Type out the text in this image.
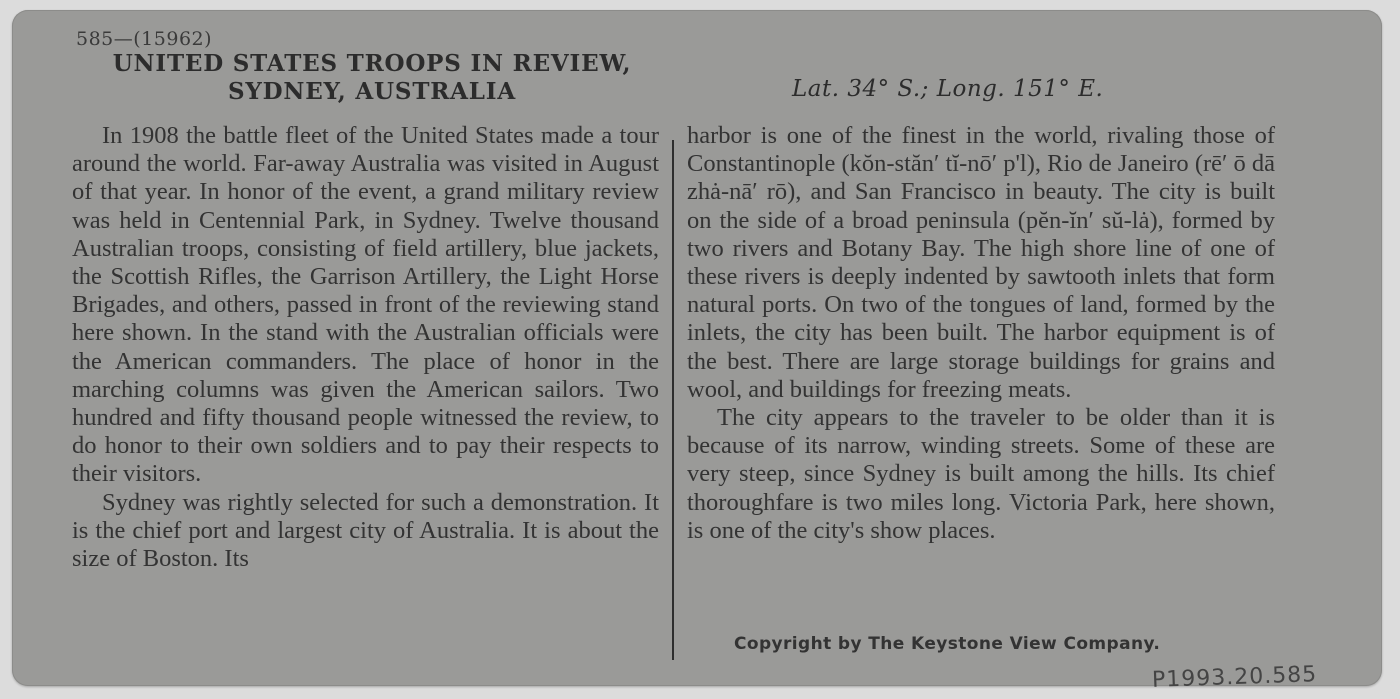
585—(15962)
UNITED STATES TROOPS IN REVIEW,
SYDNEY, AUSTRALIA	Lat. 34° S.; Long. 151° E.

In 1908 the battle fleet of the United States made a tour around the world. Far-away Australia was visited in August of that year. In honor of the event, a grand military review was held in Centennial Park, in Sydney. Twelve thousand Australian troops, consisting of field artillery, blue jackets, the Scottish Rifles, the Garrison Artillery, the Light Horse Brigades, and others, passed in front of the reviewing stand here shown. In the stand with the Australian officials were the American commanders. The place of honor in the marching columns was given the American sailors. Two hundred and fifty thousand people witnessed the review, to do honor to their own soldiers and to pay their respects to their visitors.

Sydney was rightly selected for such a demonstration. It is the chief port and largest city of Australia. It is about the size of Boston. Its

harbor is one of the finest in the world, rivaling those of Constantinople (kŏn-stăn′ tĭ-nō′ p'l), Rio de Janeiro (rē′ ō dā zhȧ-nā′ rō), and San Francisco in beauty. The city is built on the side of a broad peninsula (pĕn-ĭn′ sŭ-lȧ), formed by two rivers and Botany Bay. The high shore line of one of these rivers is deeply indented by sawtooth inlets that form natural ports. On two of the tongues of land, formed by the inlets, the city has been built. The harbor equipment is of the best. There are large storage buildings for grains and wool, and buildings for freezing meats.

The city appears to the traveler to be older than it is because of its narrow, winding streets. Some of these are very steep, since Sydney is built among the hills. Its chief thoroughfare is two miles long. Victoria Park, here shown, is one of the city's show places.

Copyright by The Keystone View Company.
P1993.20.585
